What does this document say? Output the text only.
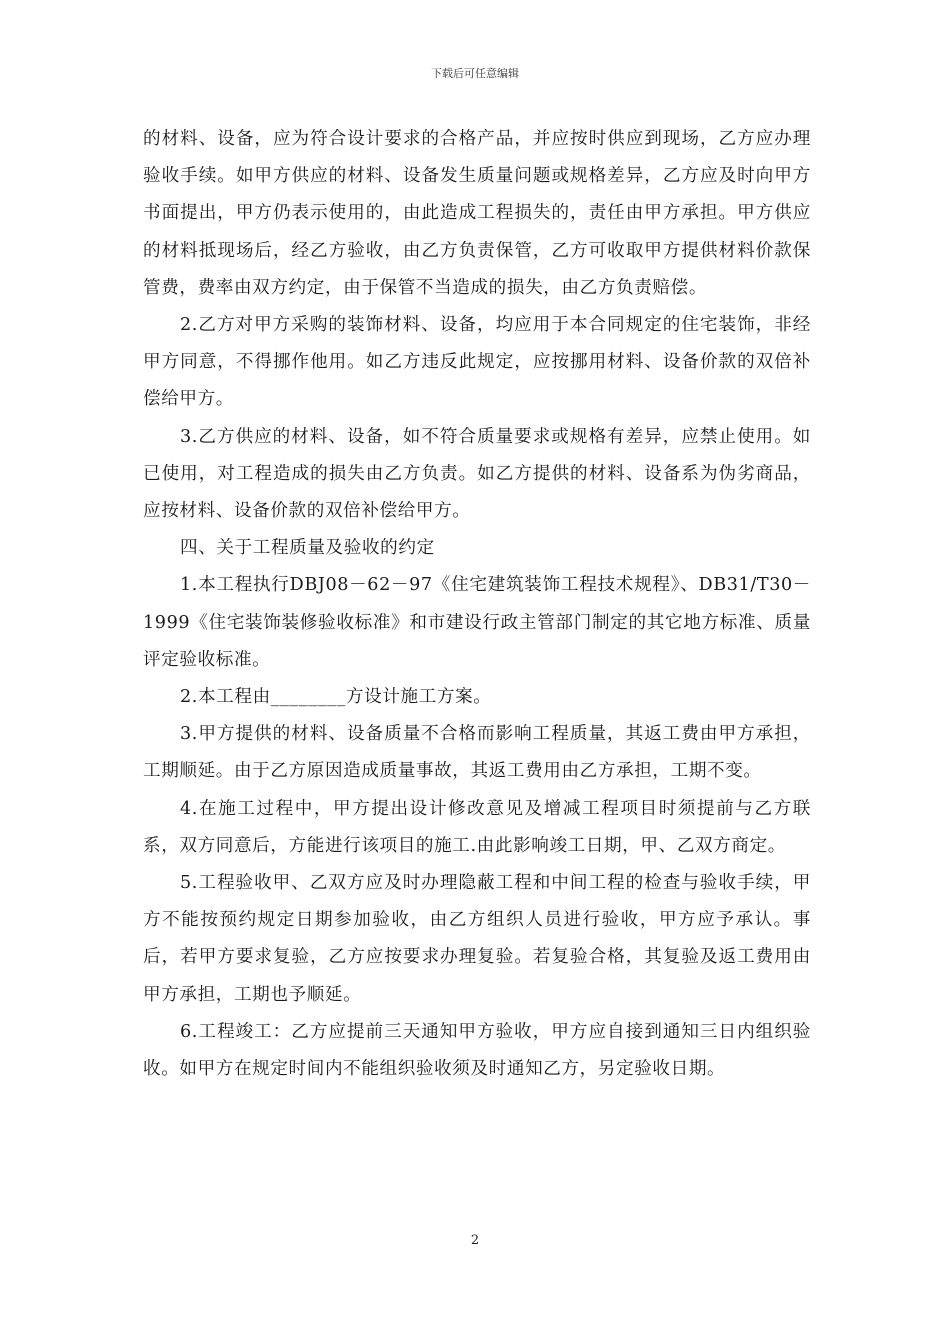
下载后可任意编辑

的材料、设备，应为符合设计要求的合格产品，并应按时供应到现场，乙方应办理验收手续。如甲方供应的材料、设备发生质量问题或规格差异，乙方应及时向甲方书面提出，甲方仍表示使用的，由此造成工程损失的，责任由甲方承担。甲方供应的材料抵现场后，经乙方验收，由乙方负责保管，乙方可收取甲方提供材料价款保管费，费率由双方约定，由于保管不当造成的损失，由乙方负责赔偿。

2.乙方对甲方采购的装饰材料、设备，均应用于本合同规定的住宅装饰，非经甲方同意，不得挪作他用。如乙方违反此规定，应按挪用材料、设备价款的双倍补偿给甲方。

3.乙方供应的材料、设备，如不符合质量要求或规格有差异，应禁止使用。如已使用，对工程造成的损失由乙方负责。如乙方提供的材料、设备系为伪劣商品，应按材料、设备价款的双倍补偿给甲方。

四、关于工程质量及验收的约定

1.本工程执行DBJ08－62－97《住宅建筑装饰工程技术规程》、DB31/T30－1999《住宅装饰装修验收标准》和市建设行政主管部门制定的其它地方标准、质量评定验收标准。

2.本工程由________方设计施工方案。

3.甲方提供的材料、设备质量不合格而影响工程质量，其返工费由甲方承担，工期顺延。由于乙方原因造成质量事故，其返工费用由乙方承担，工期不变。

4.在施工过程中，甲方提出设计修改意见及增减工程项目时须提前与乙方联系，双方同意后，方能进行该项目的施工.由此影响竣工日期，甲、乙双方商定。

5.工程验收甲、乙双方应及时办理隐蔽工程和中间工程的检查与验收手续，甲方不能按预约规定日期参加验收，由乙方组织人员进行验收，甲方应予承认。事后，若甲方要求复验，乙方应按要求办理复验。若复验合格，其复验及返工费用由甲方承担，工期也予顺延。

6.工程竣工：乙方应提前三天通知甲方验收，甲方应自接到通知三日内组织验收。如甲方在规定时间内不能组织验收须及时通知乙方，另定验收日期。

2
